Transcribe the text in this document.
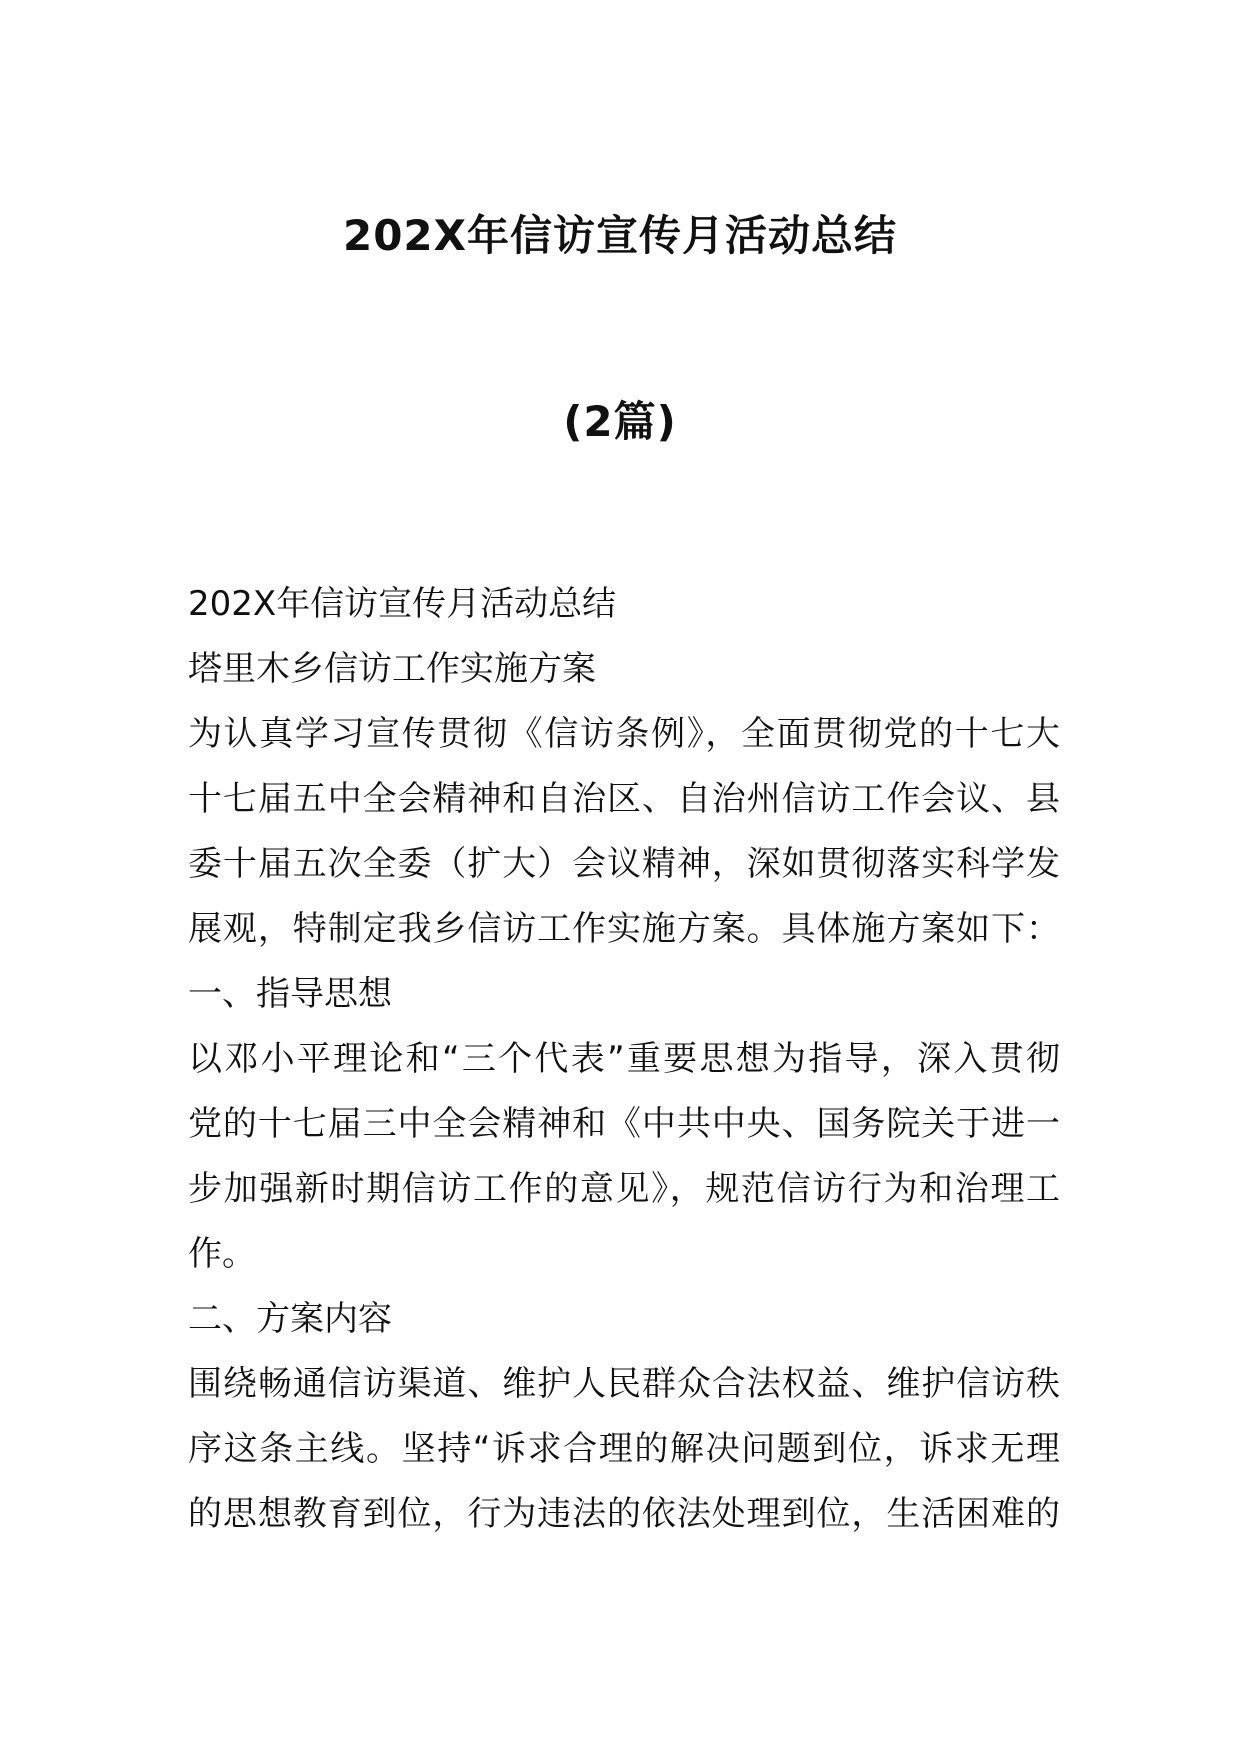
202X年信访宣传月活动总结
(2篇)
202X年信访宣传月活动总结
塔里木乡信访工作实施方案
为认真学习宣传贯彻《信访条例》，全面贯彻党的十七大
十七届五中全会精神和自治区、自治州信访工作会议、县
委十届五次全委（扩大）会议精神，深如贯彻落实科学发
展观，特制定我乡信访工作实施方案。具体施方案如下：
一、指导思想
以邓小平理论和“三个代表”重要思想为指导，深入贯彻
党的十七届三中全会精神和《中共中央、国务院关于进一
步加强新时期信访工作的意见》，规范信访行为和治理工
作。
二、方案内容
围绕畅通信访渠道、维护人民群众合法权益、维护信访秩
序这条主线。坚持“诉求合理的解决问题到位，诉求无理
的思想教育到位，行为违法的依法处理到位，生活困难的
